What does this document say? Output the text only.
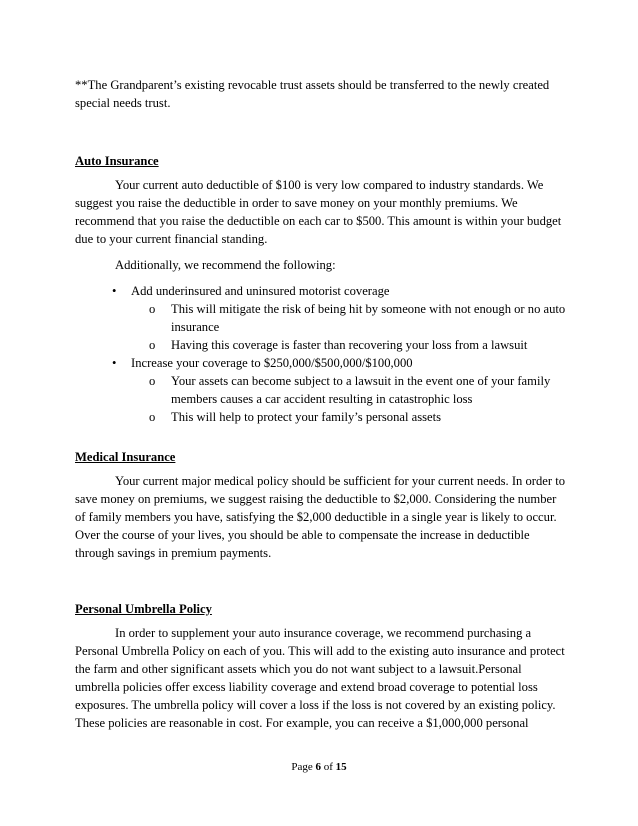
**The Grandparent’s existing revocable trust assets should be transferred to the newly created special needs trust.

Auto Insurance

Your current auto deductible of $100 is very low compared to industry standards. We suggest you raise the deductible in order to save money on your monthly premiums. We recommend that you raise the deductible on each car to $500. This amount is within your budget due to your current financial standing.

Additionally, we recommend the following:

• Add underinsured and uninsured motorist coverage
o This will mitigate the risk of being hit by someone with not enough or no auto insurance
o Having this coverage is faster than recovering your loss from a lawsuit
• Increase your coverage to $250,000/$500,000/$100,000
o Your assets can become subject to a lawsuit in the event one of your family members causes a car accident resulting in catastrophic loss
o This will help to protect your family’s personal assets

Medical Insurance

Your current major medical policy should be sufficient for your current needs. In order to save money on premiums, we suggest raising the deductible to $2,000. Considering the number of family members you have, satisfying the $2,000 deductible in a single year is likely to occur. Over the course of your lives, you should be able to compensate the increase in deductible through savings in premium payments.

Personal Umbrella Policy

In order to supplement your auto insurance coverage, we recommend purchasing a Personal Umbrella Policy on each of you. This will add to the existing auto insurance and protect the farm and other significant assets which you do not want subject to a lawsuit.Personal umbrella policies offer excess liability coverage and extend broad coverage to potential loss exposures. The umbrella policy will cover a loss if the loss is not covered by an existing policy. These policies are reasonable in cost. For example, you can receive a $1,000,000 personal

Page 6 of 15
